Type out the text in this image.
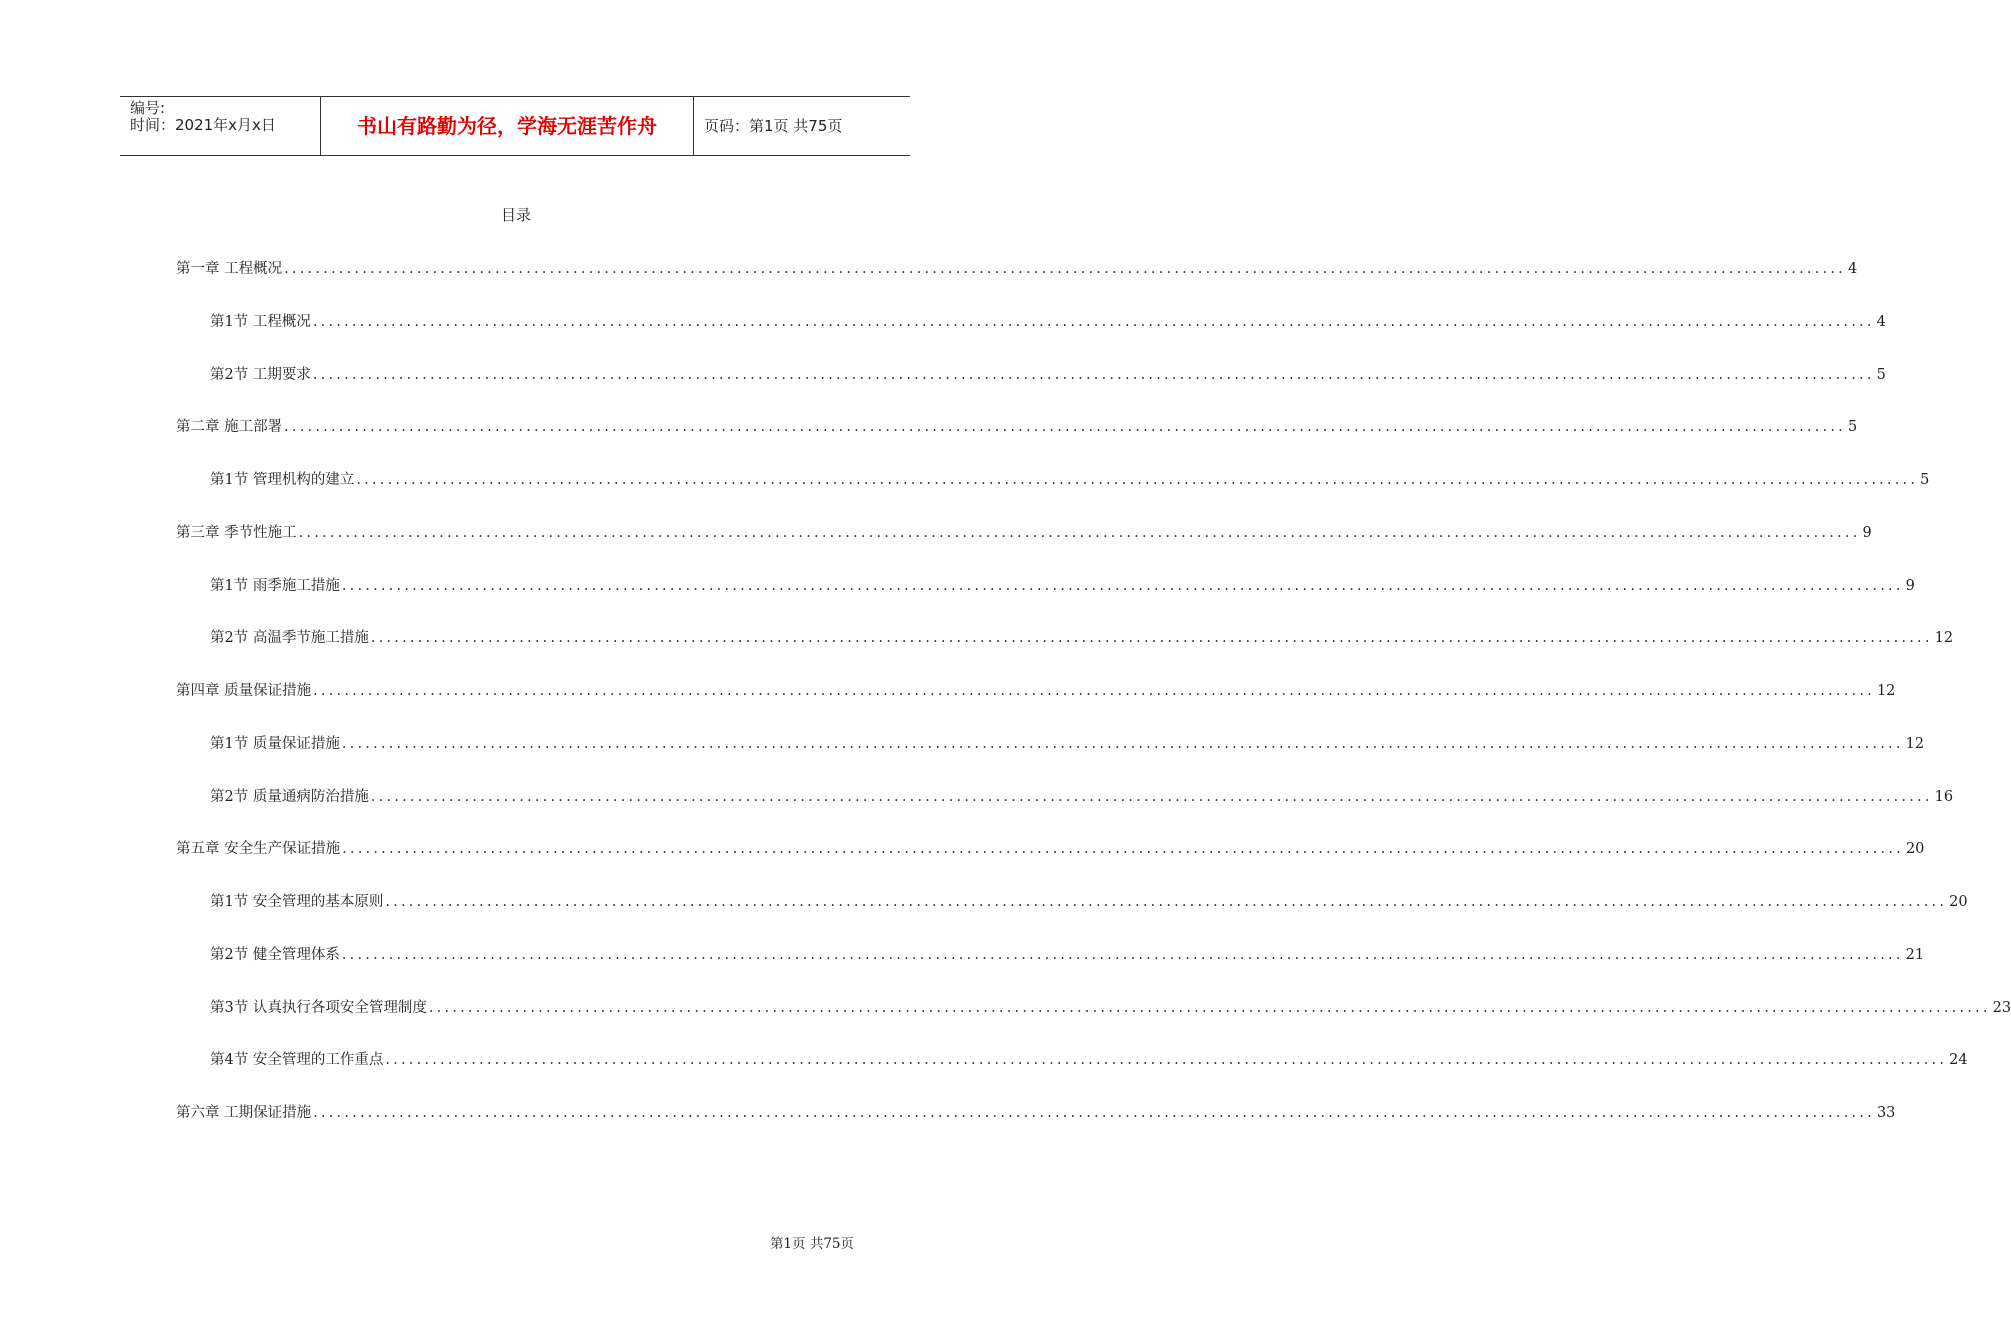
编号:
时间：2021年x月x日	书山有路勤为径，学海无涯苦作舟	页码：第1页 共75页
目录
第一章 工程概况 ........................................................................................................................................................................................................ 4
第1节 工程概况 ........................................................................................................................................................................................................ 4
第2节 工期要求 ........................................................................................................................................................................................................ 5
第二章 施工部署 ........................................................................................................................................................................................................ 5
第1节 管理机构的建立 ........................................................................................................................................................................................................ 5
第三章 季节性施工 ........................................................................................................................................................................................................ 9
第1节 雨季施工措施 ........................................................................................................................................................................................................ 9
第2节 高温季节施工措施 ........................................................................................................................................................................................................ 12
第四章 质量保证措施 ........................................................................................................................................................................................................ 12
第1节 质量保证措施 ........................................................................................................................................................................................................ 12
第2节 质量通病防治措施 ........................................................................................................................................................................................................ 16
第五章 安全生产保证措施 ........................................................................................................................................................................................................ 20
第1节 安全管理的基本原则 ........................................................................................................................................................................................................ 20
第2节 健全管理体系 ........................................................................................................................................................................................................ 21
第3节 认真执行各项安全管理制度 ........................................................................................................................................................................................................ 23
第4节 安全管理的工作重点 ........................................................................................................................................................................................................ 24
第六章 工期保证措施 ........................................................................................................................................................................................................ 33
第1页 共75页
